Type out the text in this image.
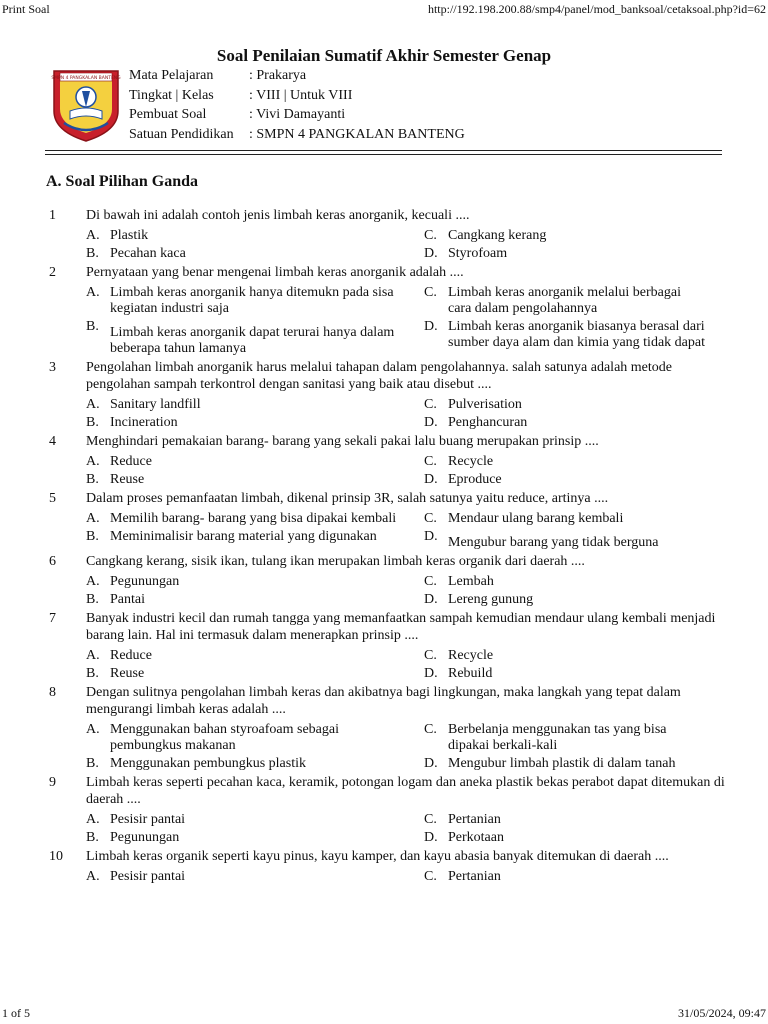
Print Soal	http://192.198.200.88/smp4/panel/mod_banksoal/cetaksoal.php?id=62
Soal Penilaian Sumatif Akhir Semester Genap
SMPN 4 PANGKALAN BANTENG Mata Pelajaran	: Prakarya
Tingkat | Kelas	: VIII | Untuk VIII
Pembuat Soal	: Vivi Damayanti
Satuan Pendidikan	: SMPN 4 PANGKALAN BANTENG
A. Soal Pilihan Ganda
1 Di bawah ini adalah contoh jenis limbah keras anorganik, kecuali ....
A. Plastik	C. Cangkang kerang
B. Pecahan kaca	D. Styrofoam
2 Pernyataan yang benar mengenai limbah keras anorganik adalah ....
A. Limbah keras anorganik hanya ditemukn pada sisa kegiatan industri saja
C. Limbah keras anorganik melalui berbagai cara dalam pengolahannya
B. Limbah keras anorganik dapat terurai hanya dalam beberapa tahun lamanya
D. Limbah keras anorganik biasanya berasal dari sumber daya alam dan kimia yang tidak dapat
3 Pengolahan limbah anorganik harus melalui tahapan dalam pengolahannya. salah satunya adalah metode pengolahan sampah terkontrol dengan sanitasi yang baik atau disebut ....
A. Sanitary landfill	C. Pulverisation
B. Incineration	D. Penghancuran
4 Menghindari pemakaian barang- barang yang sekali pakai lalu buang merupakan prinsip ....
A. Reduce	C. Recycle
B. Reuse	D. Eproduce
5 Dalam proses pemanfaatan limbah, dikenal prinsip 3R, salah satunya yaitu reduce, artinya ....
A. Memilih barang- barang yang bisa dipakai kembali	C. Mendaur ulang barang kembali
B. Meminimalisir barang material yang digunakan	D. Mengubur barang yang tidak berguna
6 Cangkang kerang, sisik ikan, tulang ikan merupakan limbah keras organik dari daerah ....
A. Pegunungan	C. Lembah
B. Pantai	D. Lereng gunung
7 Banyak industri kecil dan rumah tangga yang memanfaatkan sampah kemudian mendaur ulang kembali menjadi barang lain. Hal ini termasuk dalam menerapkan prinsip ....
A. Reduce	C. Recycle
B. Reuse	D. Rebuild
8 Dengan sulitnya pengolahan limbah keras dan akibatnya bagi lingkungan, maka langkah yang tepat dalam mengurangi limbah keras adalah ....
A. Menggunakan bahan styroafoam sebagai pembungkus makanan
C. Berbelanja menggunakan tas yang bisa dipakai berkali-kali
B. Menggunakan pembungkus plastik	D. Mengubur limbah plastik di dalam tanah
9 Limbah keras seperti pecahan kaca, keramik, potongan logam dan aneka plastik bekas perabot dapat ditemukan di daerah ....
A. Pesisir pantai	C. Pertanian
B. Pegunungan	D. Perkotaan
10 Limbah keras organik seperti kayu pinus, kayu kamper, dan kayu abasia banyak ditemukan di daerah ....
A. Pesisir pantai	C. Pertanian
1 of 5	31/05/2024, 09:47
